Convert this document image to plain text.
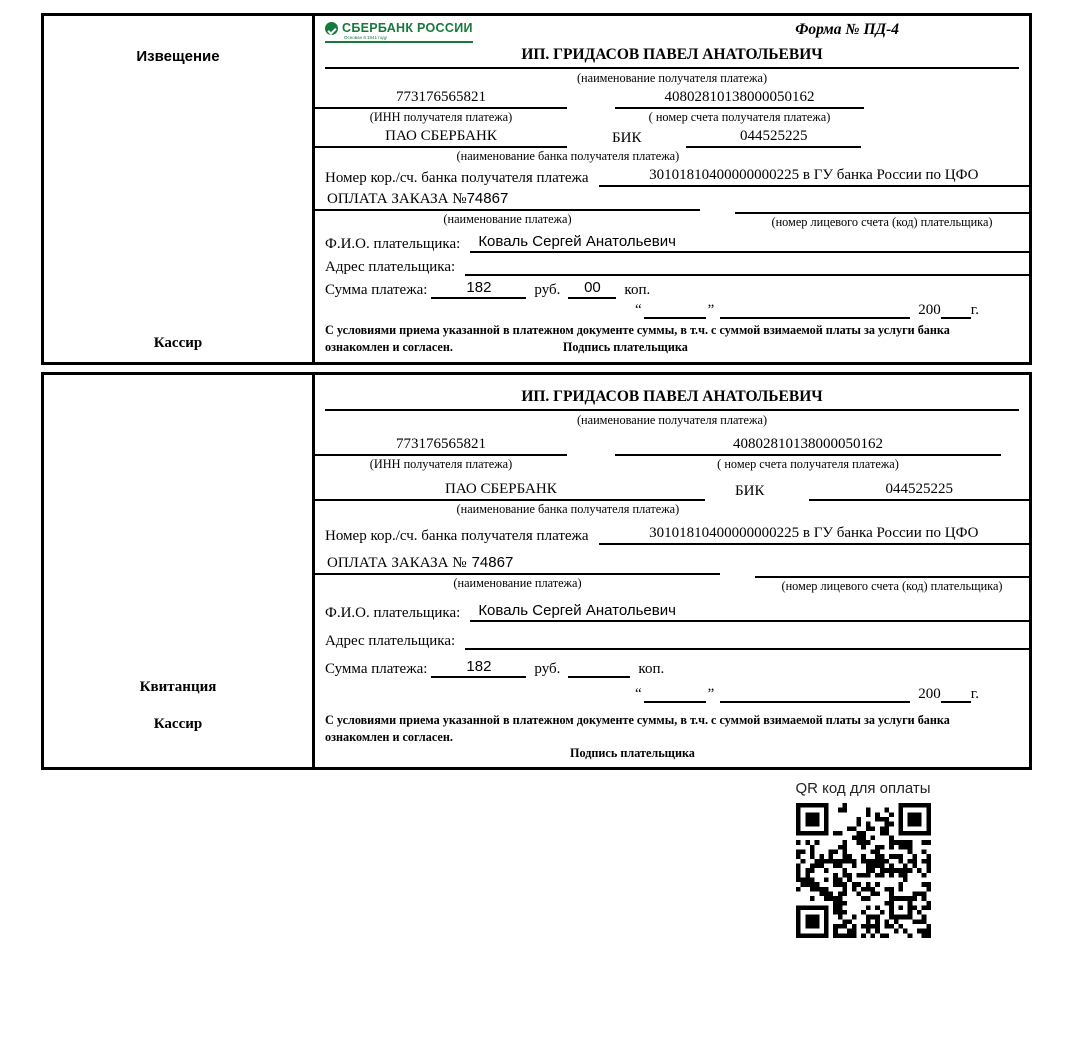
Извещение
Кассир
СБЕРБАНК РОССИИ
Основан в 1841 году	Форма № ПД-4
ИП. ГРИДАСОВ ПАВЕЛ АНАТОЛЬЕВИЧ
(наименование получателя платежа)
773176565821	40802810138000050162
(ИНН получателя платежа)	( номер счета получателя платежа)
ПАО СБЕРБАНК	БИК	044525225
(наименование банка получателя платежа)
Номер кор./сч. банка получателя платежа	30101810400000000225 в ГУ банка России по ЦФО
ОПЛАТА ЗАКАЗА №74867
(наименование платежа)	(номер лицевого счета (код) плательщика)
Ф.И.О. плательщика:	Коваль Сергей Анатольевич
Адрес плательщика:
Сумма платежа:	182	руб.	00	коп.
“	”	200 г.
С условиями приема указанной в платежном документе суммы, в т.ч. с суммой взимаемой платы за услуги банка
ознакомлен и согласен.	Подпись плательщика
Квитанция
Кассир
ИП. ГРИДАСОВ ПАВЕЛ АНАТОЛЬЕВИЧ
(наименование получателя платежа)
773176565821	40802810138000050162
(ИНН получателя платежа)	( номер счета получателя платежа)
ПАО СБЕРБАНК	БИК	044525225
(наименование банка получателя платежа)
Номер кор./сч. банка получателя платежа	30101810400000000225 в ГУ банка России по ЦФО
ОПЛАТА ЗАКАЗА № 74867
(наименование платежа)	(номер лицевого счета (код) плательщика)
Ф.И.О. плательщика:	Коваль Сергей Анатольевич
Адрес плательщика:
Сумма платежа:	182	руб.	коп.
“	”	200 г.
С условиями приема указанной в платежном документе суммы, в т.ч. с суммой взимаемой платы за услуги банка
ознакомлен и согласен.
Подпись плательщика
QR код для оплаты
